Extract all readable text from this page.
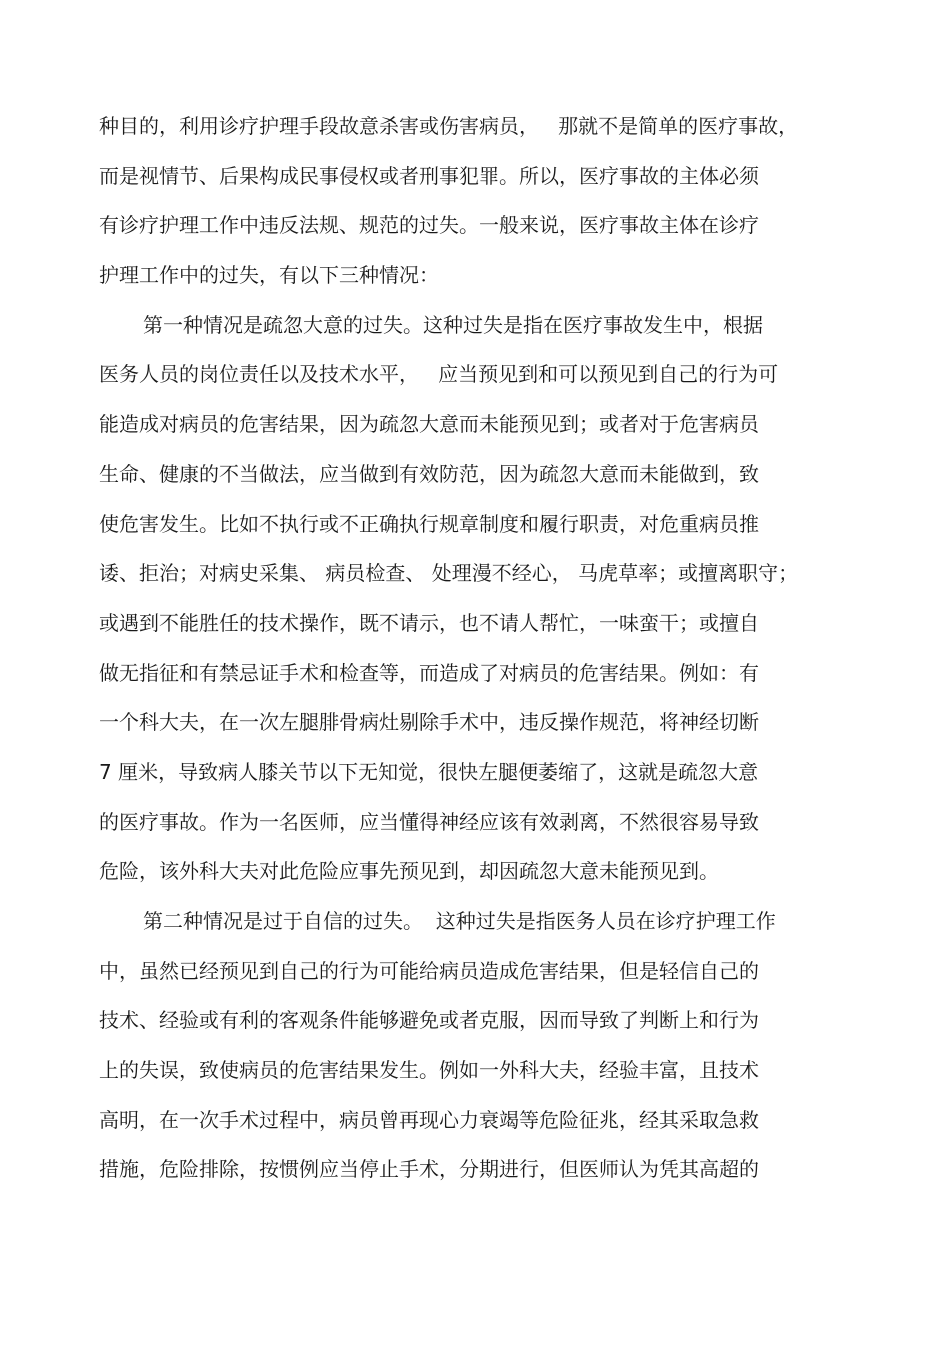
种目的，利用诊疗护理手段故意杀害或伤害病员，   那就不是简单的医疗事故，
而是视情节、后果构成民事侵权或者刑事犯罪。所以，医疗事故的主体必须
有诊疗护理工作中违反法规、规范的过失。一般来说，医疗事故主体在诊疗
护理工作中的过失，有以下三种情况：
第一种情况是疏忽大意的过失。这种过失是指在医疗事故发生中，根据
医务人员的岗位责任以及技术水平，   应当预见到和可以预见到自己的行为可
能造成对病员的危害结果，因为疏忽大意而未能预见到；或者对于危害病员
生命、健康的不当做法，应当做到有效防范，因为疏忽大意而未能做到，致
使危害发生。比如不执行或不正确执行规章制度和履行职责，对危重病员推
诿、拒治；对病史采集、 病员检查、 处理漫不经心， 马虎草率；或擅离职守；
或遇到不能胜任的技术操作，既不请示，也不请人帮忙，一味蛮干；或擅自
做无指征和有禁忌证手术和检查等，而造成了对病员的危害结果。例如：有
一个科大夫，在一次左腿腓骨病灶剔除手术中，违反操作规范，将神经切断
7 厘米，导致病人膝关节以下无知觉，很快左腿便萎缩了，这就是疏忽大意
的医疗事故。作为一名医师，应当懂得神经应该有效剥离，不然很容易导致
危险，该外科大夫对此危险应事先预见到，却因疏忽大意未能预见到。
第二种情况是过于自信的过失。  这种过失是指医务人员在诊疗护理工作
中，虽然已经预见到自己的行为可能给病员造成危害结果，但是轻信自己的
技术、经验或有利的客观条件能够避免或者克服，因而导致了判断上和行为
上的失误，致使病员的危害结果发生。例如一外科大夫，经验丰富，且技术
高明，在一次手术过程中，病员曾再现心力衰竭等危险征兆，经其采取急救
措施，危险排除，按惯例应当停止手术，分期进行，但医师认为凭其高超的
